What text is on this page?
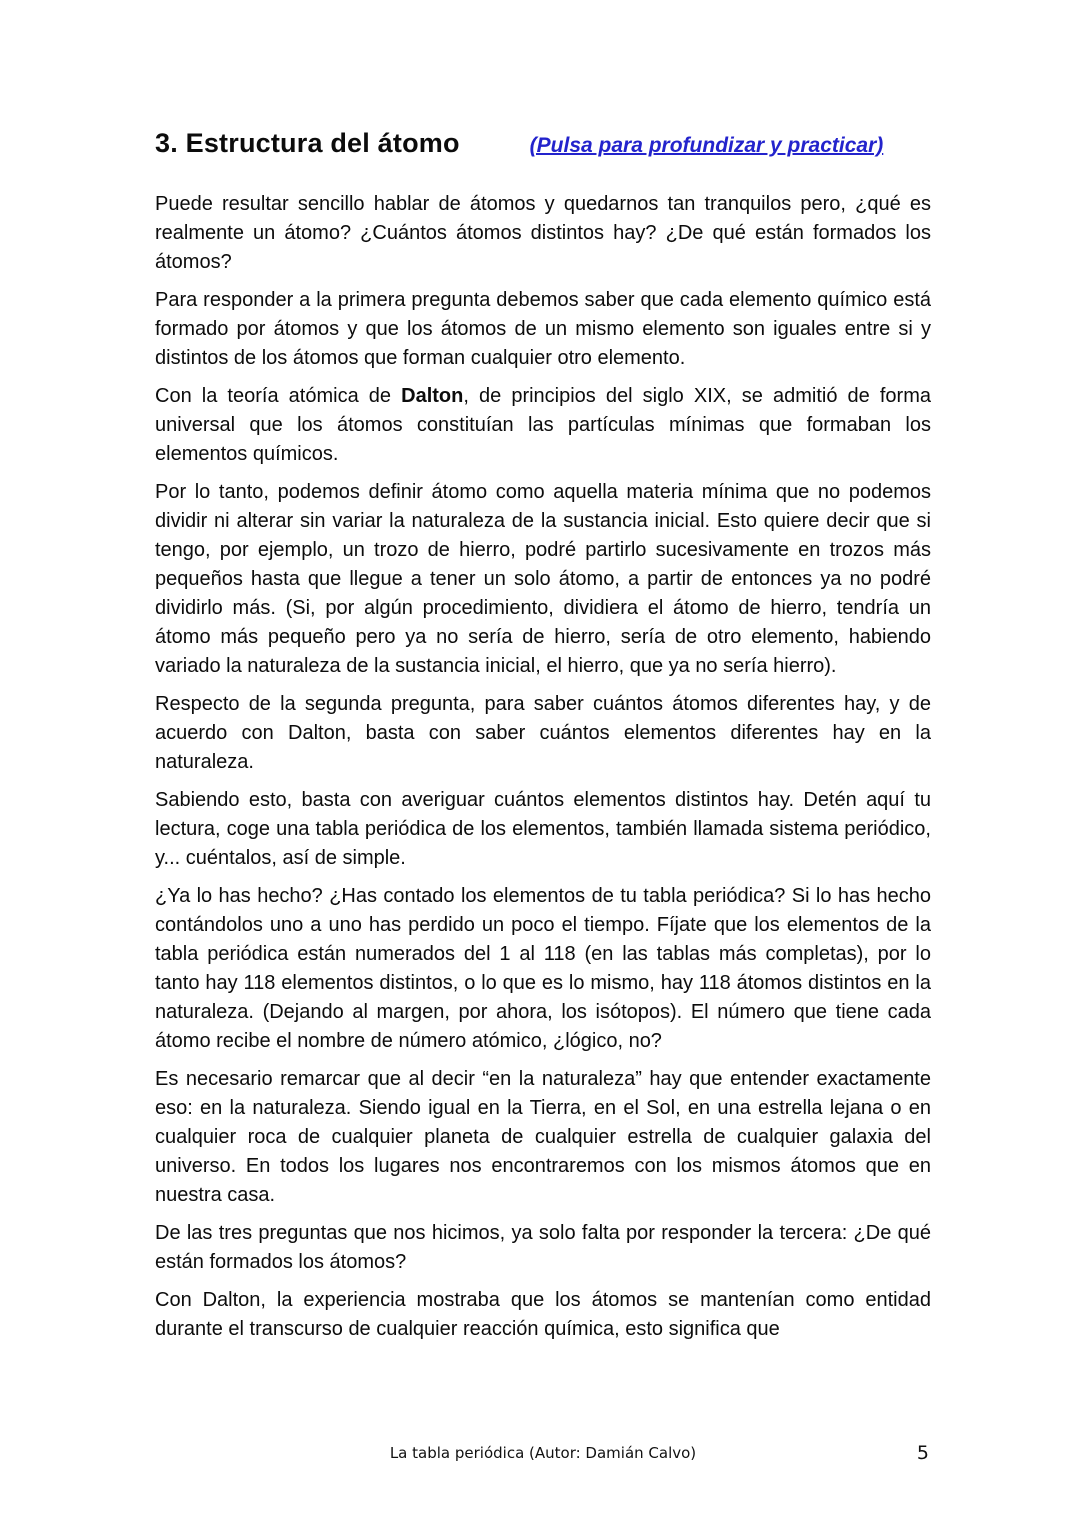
3. Estructura del átomo	(Pulsa para profundizar y practicar)

Puede resultar sencillo hablar de átomos y quedarnos tan tranquilos pero, ¿qué es realmente un átomo? ¿Cuántos átomos distintos hay? ¿De qué están formados los átomos?

Para responder a la primera pregunta debemos saber que cada elemento químico está formado por átomos y que los átomos de un mismo elemento son iguales entre si y distintos de los átomos que forman cualquier otro elemento.

Con la teoría atómica de Dalton, de principios del siglo XIX, se admitió de forma universal que los átomos constituían las partículas mínimas que formaban los elementos químicos.

Por lo tanto, podemos definir átomo como aquella materia mínima que no podemos dividir ni alterar sin variar la naturaleza de la sustancia inicial. Esto quiere decir que si tengo, por ejemplo, un trozo de hierro, podré partirlo sucesivamente en trozos más pequeños hasta que llegue a tener un solo átomo, a partir de entonces ya no podré dividirlo más. (Si, por algún procedimiento, dividiera el átomo de hierro, tendría un átomo más pequeño pero ya no sería de hierro, sería de otro elemento, habiendo variado la naturaleza de la sustancia inicial, el hierro, que ya no sería hierro).

Respecto de la segunda pregunta, para saber cuántos átomos diferentes hay, y de acuerdo con Dalton, basta con saber cuántos elementos diferentes hay en la naturaleza.

Sabiendo esto, basta con averiguar cuántos elementos distintos hay. Detén aquí tu lectura, coge una tabla periódica de los elementos, también llamada sistema periódico, y... cuéntalos, así de simple.

¿Ya lo has hecho? ¿Has contado los elementos de tu tabla periódica? Si lo has hecho contándolos uno a uno has perdido un poco el tiempo. Fíjate que los elementos de la tabla periódica están numerados del 1 al 118 (en las tablas más completas), por lo tanto hay 118 elementos distintos, o lo que es lo mismo, hay 118 átomos distintos en la naturaleza. (Dejando al margen, por ahora, los isótopos). El número que tiene cada átomo recibe el nombre de número atómico, ¿lógico, no?

Es necesario remarcar que al decir “en la naturaleza” hay que entender exactamente eso: en la naturaleza. Siendo igual en la Tierra, en el Sol, en una estrella lejana o en cualquier roca de cualquier planeta de cualquier estrella de cualquier galaxia del universo. En todos los lugares nos encontraremos con los mismos átomos que en nuestra casa.

De las tres preguntas que nos hicimos, ya solo falta por responder la tercera: ¿De qué están formados los átomos?

Con Dalton, la experiencia mostraba que los átomos se mantenían como entidad durante el transcurso de cualquier reacción química, esto significa que

La tabla periódica (Autor: Damián Calvo)	5
